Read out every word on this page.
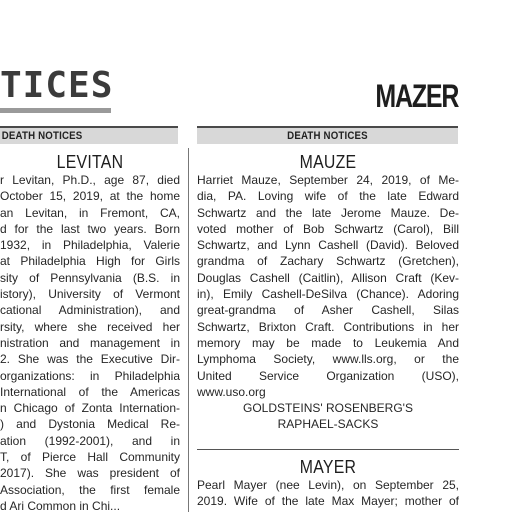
TICES	MAZER
DEATH NOTICES	DEATH NOTICES
LEVITAN
r Levitan, Ph.D., age 87, died
October 15, 2019, at the home
an Levitan, in Fremont, CA,
d for the last two years. Born
1932, in Philadelphia, Valerie
at Philadelphia High for Girls
sity of Pennsylvania (B.S. in
istory), University of Vermont
cational Administration), and
rsity, where she received her
nistration and management in
2. She was the Executive Dir-
organizations: in Philadelphia
International of the Americas
n Chicago of Zonta Internation-
) and Dystonia Medical Re-
ation (1992-2001), and in
T, of Pierce Hall Community
2017). She was president of
Association, the first female
d Ari Common in Chi...
MAUZE
Harriet Mauze, September 24, 2019, of Me-
dia, PA. Loving wife of the late Edward
Schwartz and the late Jerome Mauze. De-
voted mother of Bob Schwartz (Carol), Bill
Schwartz, and Lynn Cashell (David). Beloved
grandma of Zachary Schwartz (Gretchen),
Douglas Cashell (Caitlin), Allison Craft (Kev-
in), Emily Cashell-DeSilva (Chance). Adoring
great-grandma of Asher Cashell, Silas
Schwartz, Brixton Craft. Contributions in her
memory may be made to Leukemia And
Lymphoma Society, www.lls.org, or the
United Service Organization (USO),
www.uso.org
GOLDSTEINS' ROSENBERG'S
RAPHAEL-SACKS
MAYER
Pearl Mayer (nee Levin), on September 25,
2019. Wife of the late Max Mayer; mother of
